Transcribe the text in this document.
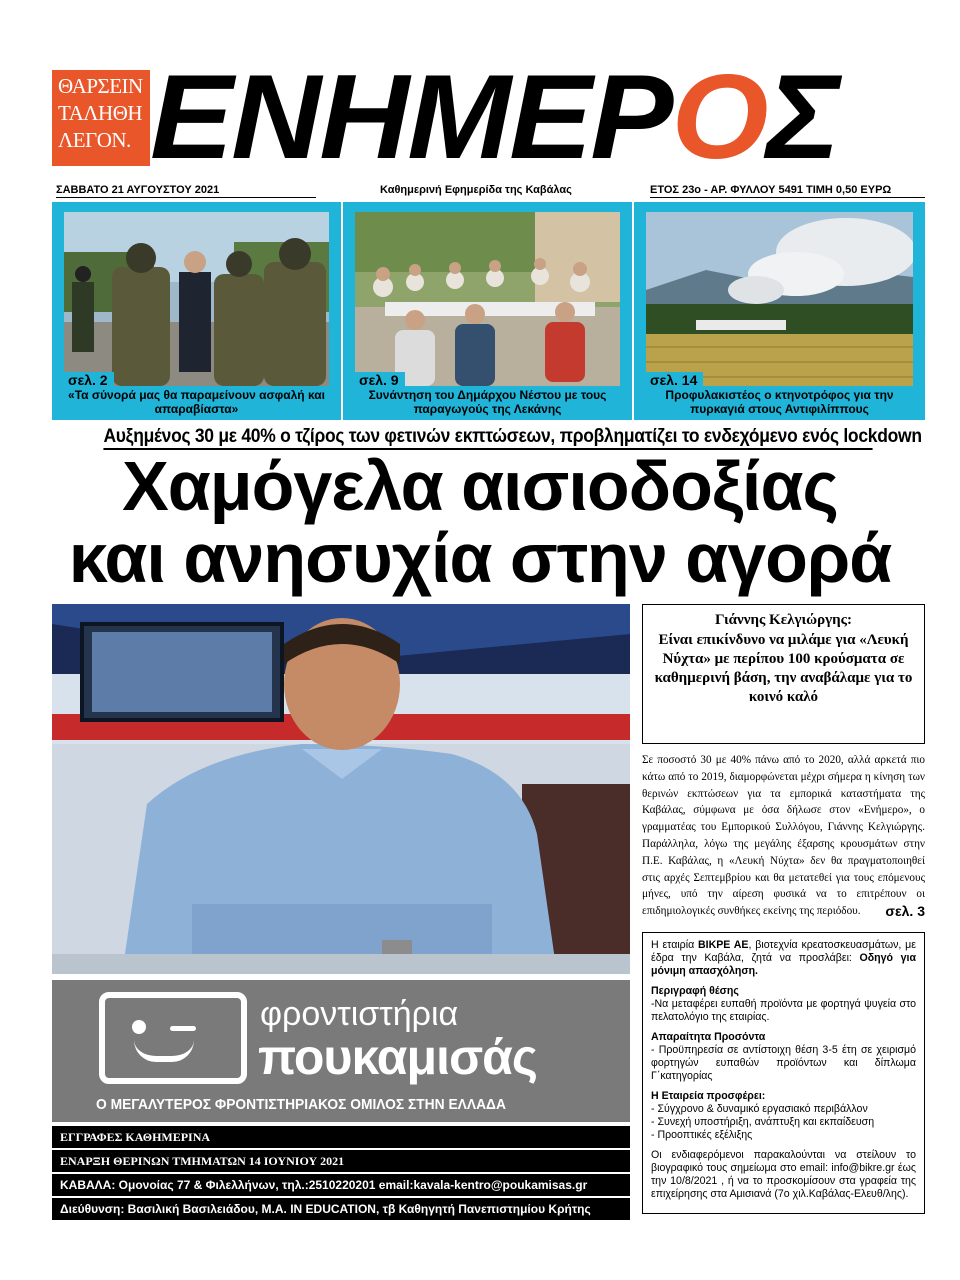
ΘΑΡΣΕΙΝ
ΤΑΛΗΘΗ
ΛΕΓΟΝ. ΕΝΗΜΕΡΟΣ
ΣΑΒΒΑΤΟ 21 ΑΥΓΟΥΣΤΟΥ 2021	Καθημερινή Εφημερίδα της Καβάλας	ΕΤΟΣ 23ο - ΑΡ. ΦΥΛΛΟΥ 5491 ΤΙΜΗ 0,50 ΕΥΡΩ
σελ. 2
«Τα σύνορά μας θα παραμείνουν ασφαλή και απαραβίαστα»
σελ. 9
Συνάντηση του Δημάρχου Νέστου με τους παραγωγούς της Λεκάνης
σελ. 14
Προφυλακιστέος ο κτηνοτρόφος για την πυρκαγιά στους Αντιφιλίππους
Αυξημένος 30 με 40% ο τζίρος των φετινών εκπτώσεων, προβληματίζει το ενδεχόμενο ενός lockdown
Χαμόγελα αισιοδοξίας
και ανησυχία στην αγορά
Γιάννης Κελγιώργης:
Είναι επικίνδυνο να μιλάμε για «Λευκή Νύχτα» με περίπου 100 κρούσματα σε καθημερινή βάση, την αναβάλαμε για το κοινό καλό
Σε ποσοστό 30 με 40% πάνω από το 2020, αλλά αρκετά πιο κάτω από το 2019, διαμορφώνεται μέχρι σήμερα η κίνηση των θερινών εκπτώσεων για τα εμπορικά καταστήματα της Καβάλας, σύμφωνα με όσα δήλωσε στον «Ενήμερο», ο γραμματέας του Εμπορικού Συλλόγου, Γιάννης Κελγιώργης. Παράλληλα, λόγω της μεγάλης έξαρσης κρουσμάτων στην Π.Ε. Καβάλας, η «Λευκή Νύχτα» δεν θα πραγματοποιηθεί στις αρχές Σεπτεμβρίου και θα μετατεθεί για τους επόμενους μήνες, υπό την αίρεση φυσικά να το επιτρέπουν οι επιδημιολογικές συνθήκες εκείνης της περιόδου. σελ. 3
φροντιστήρια
πουκαμισάς
Ο ΜΕΓΑΛΥΤΕΡΟΣ ΦΡΟΝΤΙΣΤΗΡΙΑΚΟΣ ΟΜΙΛΟΣ ΣΤΗΝ ΕΛΛΑΔΑ
ΕΓΓΡΑΦΕΣ ΚΑΘΗΜΕΡΙΝΑ
ΕΝΑΡΞΗ ΘΕΡΙΝΩΝ ΤΜΗΜΑΤΩΝ 14 ΙΟΥΝΙΟΥ 2021
ΚΑΒΑΛΑ: Ομονοίας 77 & Φιλελλήνων, τηλ.:2510220201 email:kavala-kentro@poukamisas.gr
Διεύθυνση: Βασιλική Βασιλειάδου, M.A. IN EDUCATION, τβ Καθηγητή Πανεπιστημίου Κρήτης

Η εταιρία ΒΙΚΡΕ ΑΕ, βιοτεχνία κρεατοσκευασμάτων, με έδρα την Καβάλα, ζητά να προσλάβει: Οδηγό για μόνιμη απασχόληση.

Περιγραφή θέσης

-Να μεταφέρει ευπαθή προϊόντα με φορτηγά ψυγεία στο πελατολόγιο της εταιρίας.

Απαραίτητα Προσόντα

- Προϋπηρεσία σε αντίστοιχη θέση 3-5 έτη σε χειρισμό φορτηγών ευπαθών προϊόντων και δίπλωμα Γ΄κατηγορίας

Η Εταιρεία προσφέρει:

- Σύγχρονο & δυναμικό εργασιακό περιβάλλον

- Συνεχή υποστήριξη, ανάπτυξη και εκπαίδευση

- Προοπτικές εξέλιξης

Οι ενδιαφερόμενοι παρακαλούνται να στείλουν το βιογραφικό τους σημείωμα στο email: info@bikre.gr έως την 10/8/2021 , ή να το προσκομίσουν στα γραφεία της επιχείρησης στα Αμισιανά (7ο χιλ.Καβάλας-Ελευθ/λης).
